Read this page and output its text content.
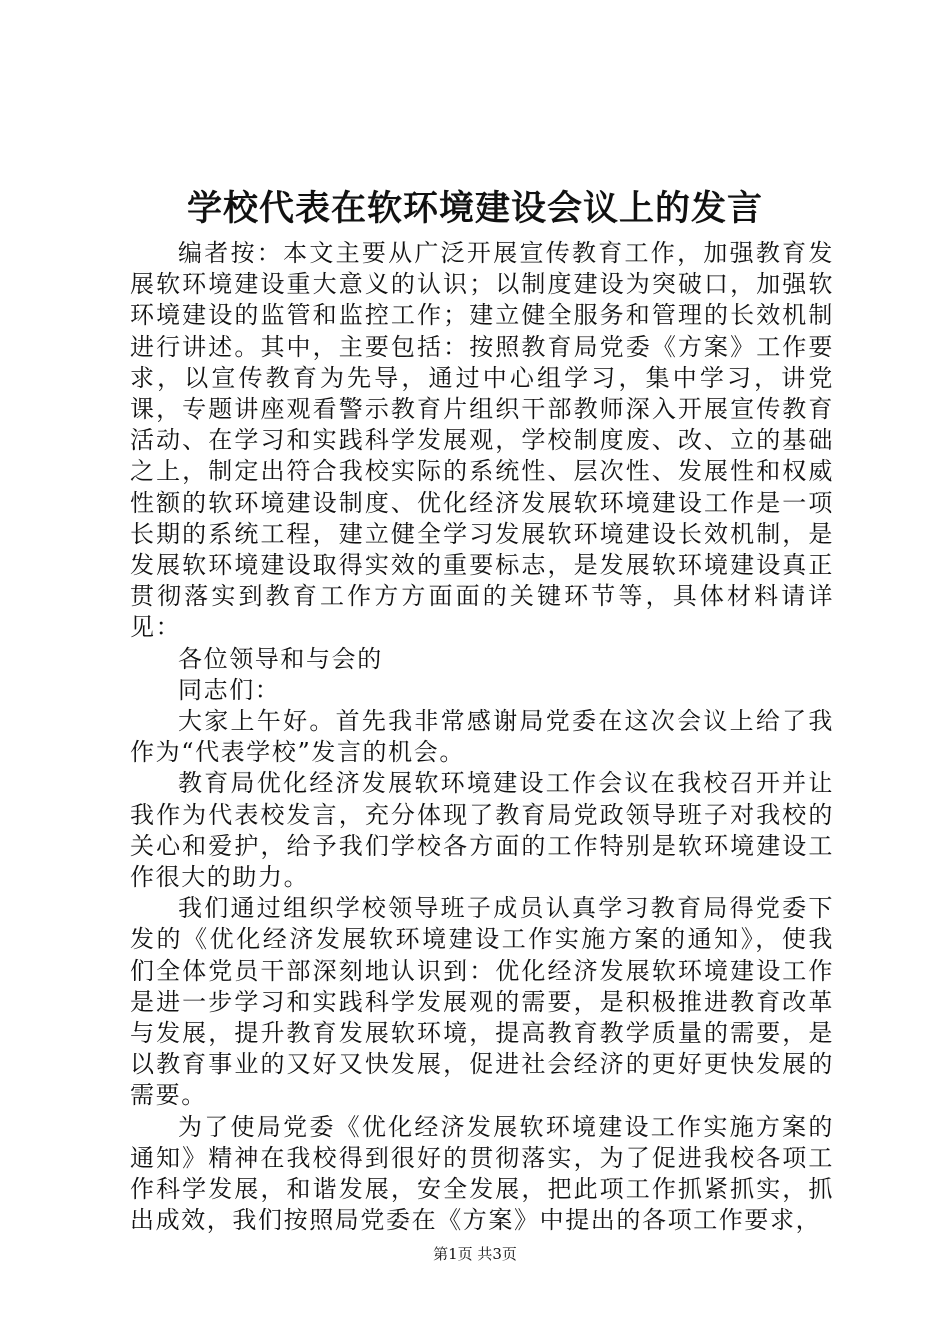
学校代表在软环境建设会议上的发言

编者按：本文主要从广泛开展宣传教育工作，加强教育发展软环境建设重大意义的认识；以制度建设为突破口，加强软环境建设的监管和监控工作；建立健全服务和管理的长效机制进行讲述。其中，主要包括：按照教育局党委《方案》工作要求，以宣传教育为先导，通过中心组学习，集中学习，讲党课，专题讲座观看警示教育片组织干部教师深入开展宣传教育活动、在学习和实践科学发展观，学校制度废、改、立的基础之上，制定出符合我校实际的系统性、层次性、发展性和权威性额的软环境建设制度、优化经济发展软环境建设工作是一项长期的系统工程，建立健全学习发展软环境建设长效机制，是发展软环境建设取得实效的重要标志，是发展软环境建设真正贯彻落实到教育工作方方面面的关键环节等，具体材料请详见：

各位领导和与会的

同志们：

大家上午好。首先我非常感谢局党委在这次会议上给了我作为“代表学校”发言的机会。

教育局优化经济发展软环境建设工作会议在我校召开并让我作为代表校发言，充分体现了教育局党政领导班子对我校的关心和爱护，给予我们学校各方面的工作特别是软环境建设工作很大的助力。

我们通过组织学校领导班子成员认真学习教育局得党委下发的《优化经济发展软环境建设工作实施方案的通知》，使我们全体党员干部深刻地认识到：优化经济发展软环境建设工作是进一步学习和实践科学发展观的需要，是积极推进教育改革与发展，提升教育发展软环境，提高教育教学质量的需要，是以教育事业的又好又快发展，促进社会经济的更好更快发展的需要。

为了使局党委《优化经济发展软环境建设工作实施方案的通知》精神在我校得到很好的贯彻落实，为了促进我校各项工作科学发展，和谐发展，安全发展，把此项工作抓紧抓实，抓出成效，我们按照局党委在《方案》中提出的各项工作要求，

第1页 共3页
